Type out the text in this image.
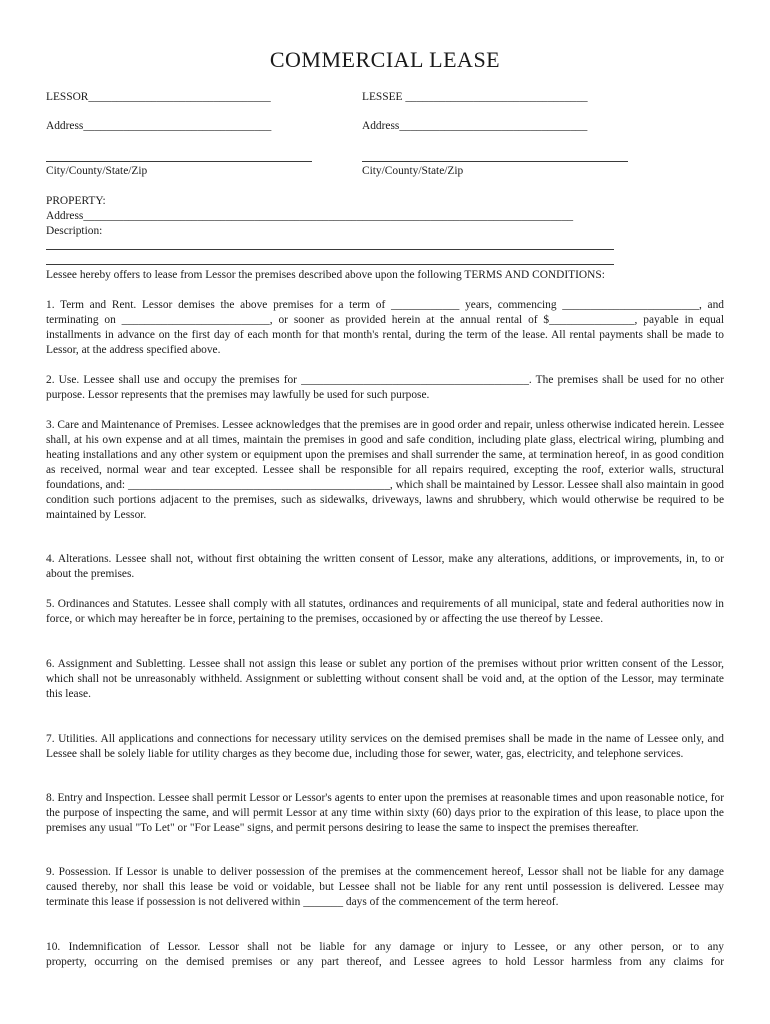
COMMERCIAL LEASE
LESSOR________________________________	LESSEE ________________________________
Address_________________________________	Address_________________________________
City/County/State/Zip	City/County/State/Zip
PROPERTY:
Address______________________________________________________________________________________
Description:
Lessee hereby offers to lease from Lessor the premises described above upon the following TERMS AND CONDITIONS:
1. Term and Rent. Lessor demises the above premises for a term of ____________ years, commencing ________________________, and terminating on __________________________, or sooner as provided herein at the annual rental of $_______________, payable in equal installments in advance on the first day of each month for that month's rental, during the term of the lease. All rental payments shall be made to Lessor, at the address specified above.
2. Use. Lessee shall use and occupy the premises for ________________________________________. The premises shall be used for no other purpose. Lessor represents that the premises may lawfully be used for such purpose.
3. Care and Maintenance of Premises. Lessee acknowledges that the premises are in good order and repair, unless otherwise indicated herein. Lessee shall, at his own expense and at all times, maintain the premises in good and safe condition, including plate glass, electrical wiring, plumbing and heating installations and any other system or equipment upon the premises and shall surrender the same, at termination hereof, in as good condition as received, normal wear and tear excepted. Lessee shall be responsible for all repairs required, excepting the roof, exterior walls, structural foundations, and: ______________________________________________, which shall be maintained by Lessor. Lessee shall also maintain in good condition such portions adjacent to the premises, such as sidewalks, driveways, lawns and shrubbery, which would otherwise be required to be maintained by Lessor.
4. Alterations. Lessee shall not, without first obtaining the written consent of Lessor, make any alterations, additions, or improvements, in, to or about the premises.
5. Ordinances and Statutes. Lessee shall comply with all statutes, ordinances and requirements of all municipal, state and federal authorities now in force, or which may hereafter be in force, pertaining to the premises, occasioned by or affecting the use thereof by Lessee.
6. Assignment and Subletting. Lessee shall not assign this lease or sublet any portion of the premises without prior written consent of the Lessor, which shall not be unreasonably withheld. Assignment or subletting without consent shall be void and, at the option of the Lessor, may terminate this lease.
7. Utilities. All applications and connections for necessary utility services on the demised premises shall be made in the name of Lessee only, and Lessee shall be solely liable for utility charges as they become due, including those for sewer, water, gas, electricity, and telephone services.
8. Entry and Inspection. Lessee shall permit Lessor or Lessor's agents to enter upon the premises at reasonable times and upon reasonable notice, for the purpose of inspecting the same, and will permit Lessor at any time within sixty (60) days prior to the expiration of this lease, to place upon the premises any usual "To Let" or "For Lease" signs, and permit persons desiring to lease the same to inspect the premises thereafter.
9. Possession. If Lessor is unable to deliver possession of the premises at the commencement hereof, Lessor shall not be liable for any damage caused thereby, nor shall this lease be void or voidable, but Lessee shall not be liable for any rent until possession is delivered. Lessee may terminate this lease if possession is not delivered within _______ days of the commencement of the term hereof.
10. Indemnification of Lessor. Lessor shall not be liable for any damage or injury to Lessee, or any other person, or to any
property, occurring on the demised premises or any part thereof, and Lessee agrees to hold Lessor harmless from any claims for
